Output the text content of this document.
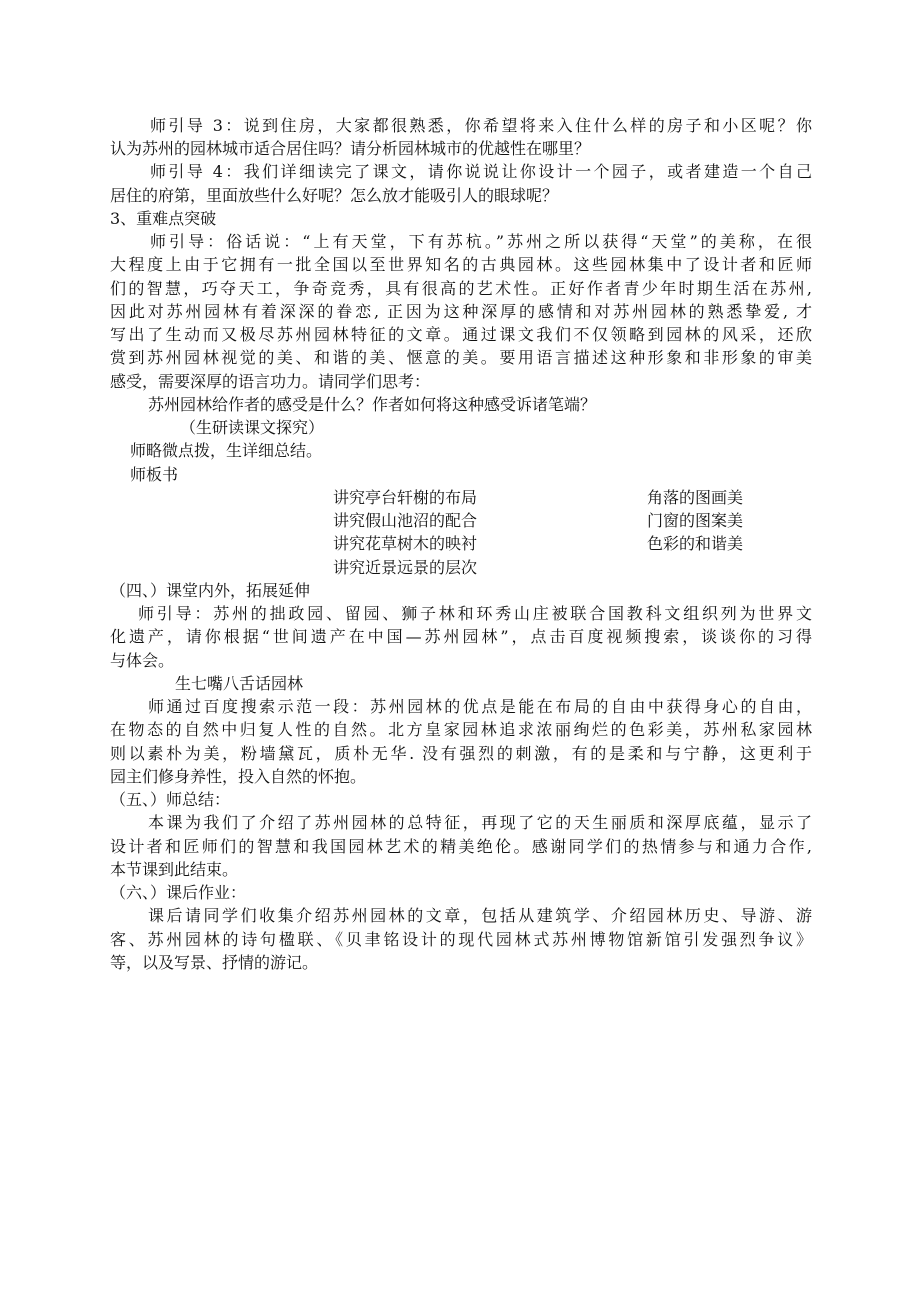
师引导 3：说到住房，大家都很熟悉，你希望将来入住什么样的房子和小区呢？你
认为苏州的园林城市适合居住吗？请分析园林城市的优越性在哪里？
师引导 4：我们详细读完了课文，请你说说让你设计一个园子，或者建造一个自己
居住的府第，里面放些什么好呢？怎么放才能吸引人的眼球呢？
3、重难点突破
师引导：俗话说：“上有天堂，下有苏杭。”苏州之所以获得“天堂”的美称，在很
大程度上由于它拥有一批全国以至世界知名的古典园林。这些园林集中了设计者和匠师
们的智慧，巧夺天工，争奇竞秀，具有很高的艺术性。正好作者青少年时期生活在苏州,
因此对苏州园林有着深深的眷恋, 正因为这种深厚的感情和对苏州园林的熟悉挚爱, 才
写出了生动而又极尽苏州园林特征的文章。通过课文我们不仅领略到园林的风采，还欣
赏到苏州园林视觉的美、和谐的美、惬意的美。要用语言描述这种形象和非形象的审美
感受，需要深厚的语言功力。请同学们思考：
苏州园林给作者的感受是什么？作者如何将这种感受诉诸笔端？
（生研读课文探究）
师略微点拨，生详细总结。
师板书
讲究亭台轩榭的布局
讲究假山池沼的配合
讲究花草树木的映衬
讲究近景远景的层次
角落的图画美
门窗的图案美
色彩的和谐美
（四、）课堂内外，拓展延伸
师引导：苏州的拙政园、留园、狮子林和环秀山庄被联合国教科文组织列为世界文
化遗产，请你根据“世间遗产在中国—苏州园林”，点击百度视频搜索，谈谈你的习得
与体会。
生七嘴八舌话园林
师通过百度搜索示范一段：苏州园林的优点是能在布局的自由中获得身心的自由，
在物态的自然中归复人性的自然。北方皇家园林追求浓丽绚烂的色彩美，苏州私家园林
则以素朴为美，粉墙黛瓦，质朴无华. 没有强烈的刺激，有的是柔和与宁静，这更利于
园主们修身养性，投入自然的怀抱。
（五、）师总结：
本课为我们了介绍了苏州园林的总特征，再现了它的天生丽质和深厚底蕴，显示了
设计者和匠师们的智慧和我国园林艺术的精美绝伦。感谢同学们的热情参与和通力合作,
本节课到此结束。
（六、）课后作业：
课后请同学们收集介绍苏州园林的文章，包括从建筑学、介绍园林历史、导游、游
客、苏州园林的诗句楹联、《贝聿铭设计的现代园林式苏州博物馆新馆引发强烈争议》
等，以及写景、抒情的游记。
